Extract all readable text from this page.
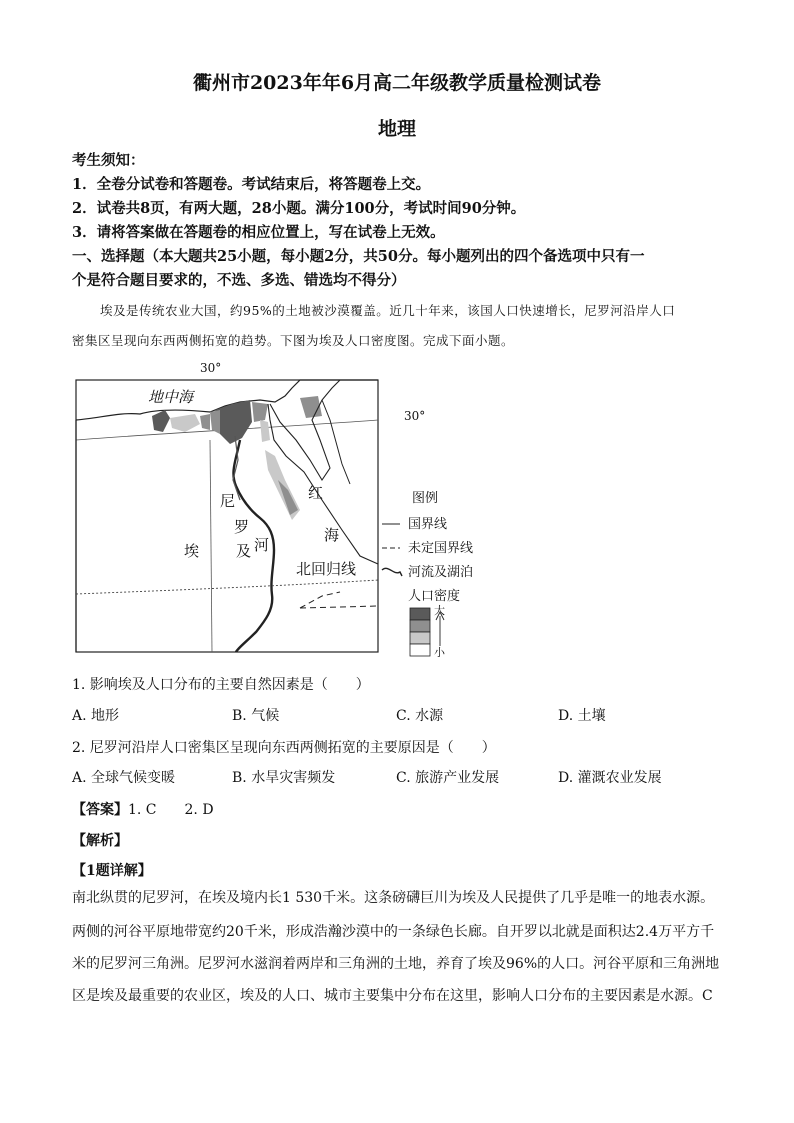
衢州市2023年年6月高二年级教学质量检测试卷
地理
考生须知：
1．全卷分试卷和答题卷。考试结束后，将答题卷上交。
2．试卷共8页，有两大题，28小题。满分100分，考试时间90分钟。
3．请将答案做在答题卷的相应位置上，写在试卷上无效。
一、选择题（本大题共25小题，每小题2分，共50分。每小题列出的四个备选项中只有一
个是符合题目要求的，不选、多选、错选均不得分）
埃及是传统农业大国，约95%的土地被沙漠覆盖。近几十年来，该国人口快速增长，尼罗河沿岸人口
密集区呈现向东西两侧拓宽的趋势。下图为埃及人口密度图。完成下面小题。
30°
30°
地中海
红
海
尼
罗
河
埃 及
北回归线
图例
国界线
未定国界线
河流及湖泊
人口密度
大
小
1. 影响埃及人口分布的主要自然因素是（　　）
A. 地形	B. 气候	C. 水源	D. 土壤
2. 尼罗河沿岸人口密集区呈现向东西两侧拓宽的主要原因是（　　）
A. 全球气候变暖	B. 水旱灾害频发	C. 旅游产业发展	D. 灌溉农业发展
【答案】1. C　　2. D
【解析】
【1题详解】
南北纵贯的尼罗河，在埃及境内长1 530千米。这条磅礴巨川为埃及人民提供了几乎是唯一的地表水源。
两侧的河谷平原地带宽约20千米，形成浩瀚沙漠中的一条绿色长廊。自开罗以北就是面积达2.4万平方千
米的尼罗河三角洲。尼罗河水滋润着两岸和三角洲的土地，养育了埃及96%的人口。河谷平原和三角洲地
区是埃及最重要的农业区，埃及的人口、城市主要集中分布在这里，影响人口分布的主要因素是水源。C
